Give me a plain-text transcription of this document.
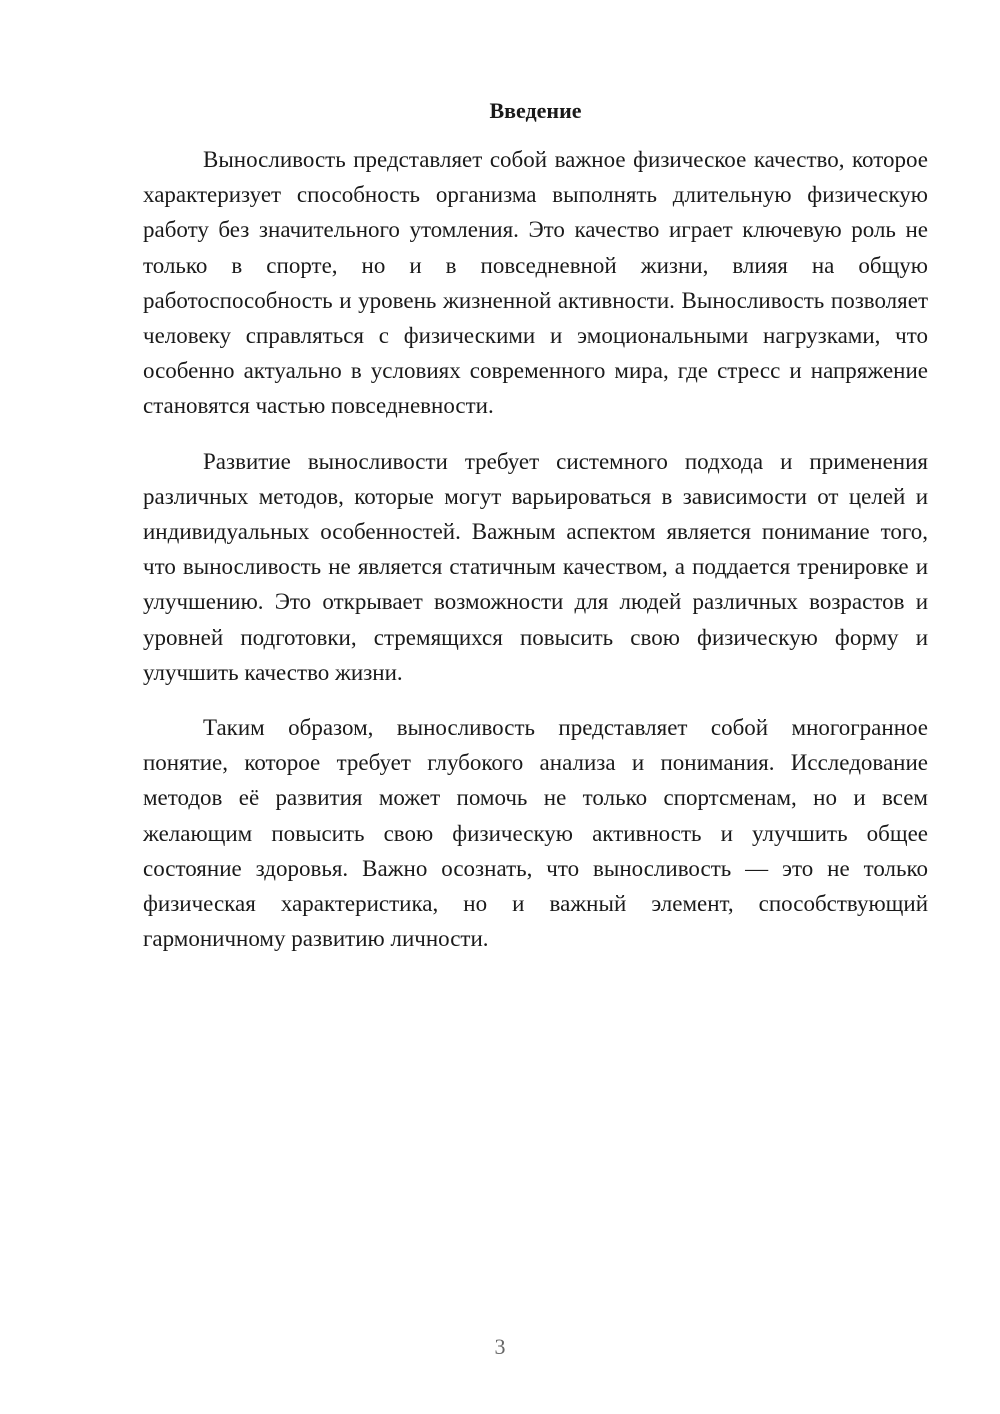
Введение

Выносливость представляет собой важное физическое качество, которое характеризует способность организма выполнять длительную физическую работу без значительного утомления. Это качество играет ключевую роль не только в спорте, но и в повседневной жизни, влияя на общую работоспособность и уровень жизненной активности. Выносливость позволяет человеку справляться с физическими и эмоциональными нагрузками, что особенно актуально в условиях современного мира, где стресс и напряжение становятся частью повседневности.

Развитие выносливости требует системного подхода и применения различных методов, которые могут варьироваться в зависимости от целей и индивидуальных особенностей. Важным аспектом является понимание того, что выносливость не является статичным качеством, а поддается тренировке и улучшению. Это открывает возможности для людей различных возрастов и уровней подготовки, стремящихся повысить свою физическую форму и улучшить качество жизни.

Таким образом, выносливость представляет собой многогранное понятие, которое требует глубокого анализа и понимания. Исследование методов её развития может помочь не только спортсменам, но и всем желающим повысить свою физическую активность и улучшить общее состояние здоровья. Важно осознать, что выносливость — это не только физическая характеристика, но и важный элемент, способствующий гармоничному развитию личности.

3
